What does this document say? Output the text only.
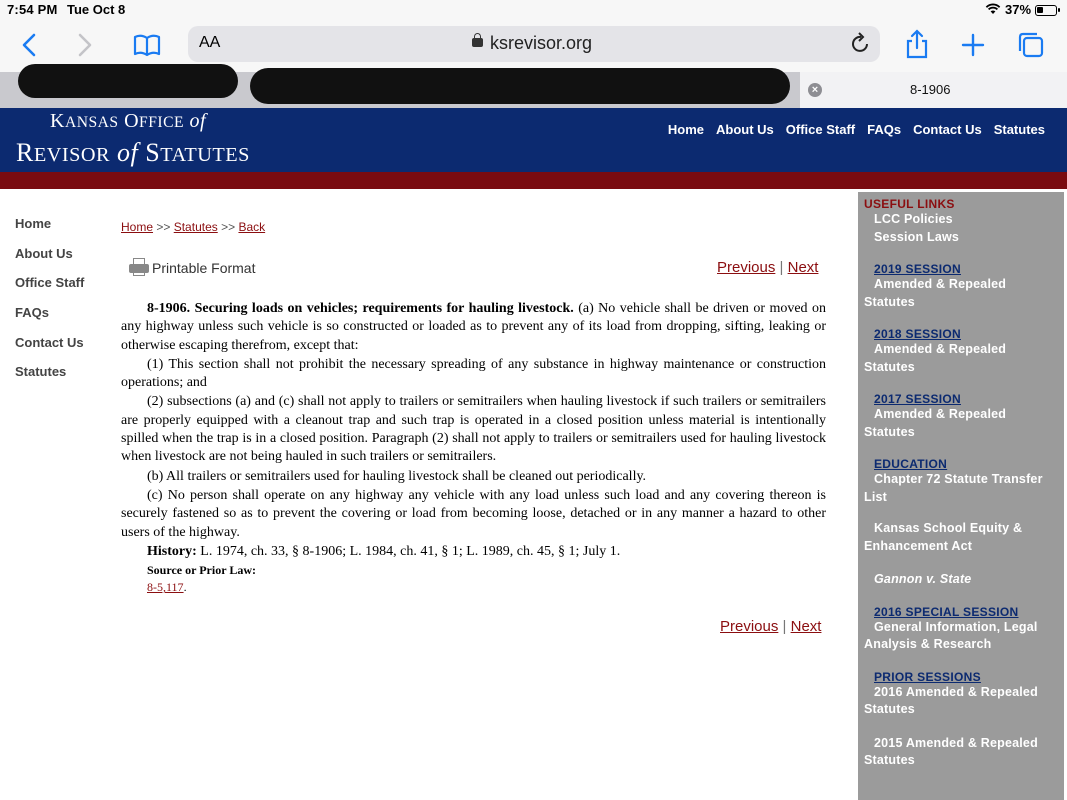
7:54 PM Tue Oct 8	37%
AA	ksrevisor.org
×	8-1906
KANSAS OFFICE of
REVISOR of STATUTES
Home About Us Office Staff FAQs Contact Us Statutes
Home
About Us
Office Staff
FAQs
Contact Us
Statutes
Home >> Statutes >> Back
Printable Format	Previous | Next

8-1906. Securing loads on vehicles; requirements for hauling livestock. (a) No vehicle shall be driven or moved on any highway unless such vehicle is so constructed or loaded as to prevent any of its load from dropping, sifting, leaking or otherwise escaping therefrom, except that:

(1) This section shall not prohibit the necessary spreading of any substance in highway maintenance or construction operations; and

(2) subsections (a) and (c) shall not apply to trailers or semitrailers when hauling livestock if such trailers or semitrailers are properly equipped with a cleanout trap and such trap is operated in a closed position unless material is intentionally spilled when the trap is in a closed position. Paragraph (2) shall not apply to trailers or semitrailers used for hauling livestock when livestock are not being hauled in such trailers or semitrailers.

(b) All trailers or semitrailers used for hauling livestock shall be cleaned out periodically.

(c) No person shall operate on any highway any vehicle with any load unless such load and any covering thereon is securely fastened so as to prevent the covering or load from becoming loose, detached or in any manner a hazard to other users of the highway.

History: L. 1974, ch. 33, § 8-1906; L. 1984, ch. 41, § 1; L. 1989, ch. 45, § 1; July 1.

Source or Prior Law:
8-5,117.
Previous | Next
USEFUL LINKS
LCC Policies
Session Laws
2019 SESSION
Amended & Repealed Statutes
2018 SESSION
Amended & Repealed Statutes
2017 SESSION
Amended & Repealed Statutes
EDUCATION
Chapter 72 Statute Transfer List
Kansas School Equity & Enhancement Act
Gannon v. State
2016 SPECIAL SESSION
General Information, Legal Analysis & Research
PRIOR SESSIONS
2016 Amended & Repealed Statutes
2015 Amended & Repealed Statutes
